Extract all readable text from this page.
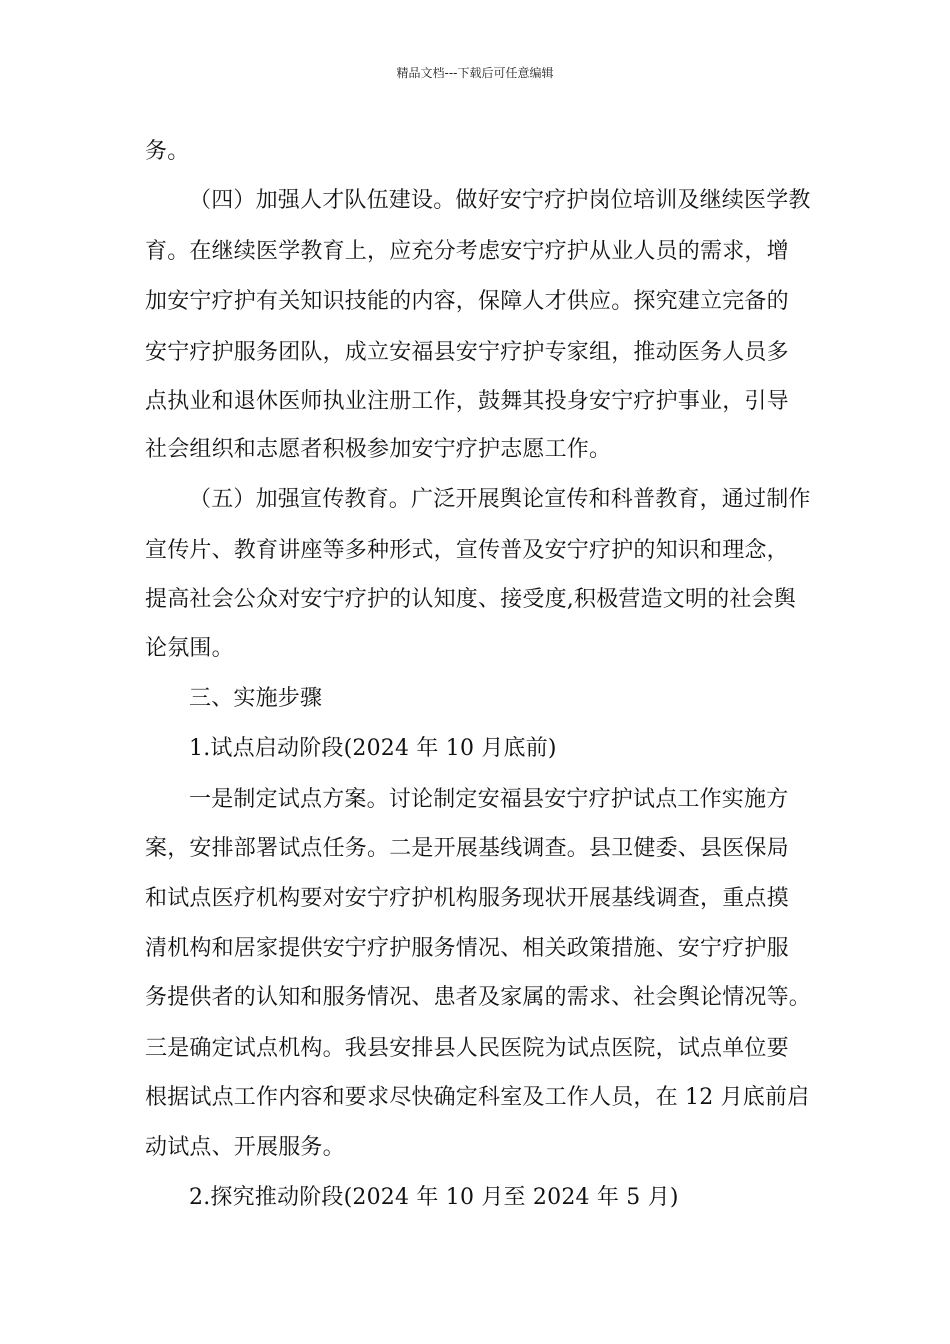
精品文档---下载后可任意编辑
务。
（四）加强人才队伍建设。做好安宁疗护岗位培训及继续医学教
育。在继续医学教育上，应充分考虑安宁疗护从业人员的需求，增
加安宁疗护有关知识技能的内容，保障人才供应。探究建立完备的
安宁疗护服务团队，成立安福县安宁疗护专家组，推动医务人员多
点执业和退休医师执业注册工作，鼓舞其投身安宁疗护事业，引导
社会组织和志愿者积极参加安宁疗护志愿工作。
（五）加强宣传教育。广泛开展舆论宣传和科普教育，通过制作
宣传片、教育讲座等多种形式，宣传普及安宁疗护的知识和理念，
提高社会公众对安宁疗护的认知度、接受度,积极营造文明的社会舆
论氛围。
三、实施步骤
1.试点启动阶段(2024 年 10 月底前)
一是制定试点方案。讨论制定安福县安宁疗护试点工作实施方
案，安排部署试点任务。二是开展基线调查。县卫健委、县医保局
和试点医疗机构要对安宁疗护机构服务现状开展基线调查，重点摸
清机构和居家提供安宁疗护服务情况、相关政策措施、安宁疗护服
务提供者的认知和服务情况、患者及家属的需求、社会舆论情况等。
三是确定试点机构。我县安排县人民医院为试点医院，试点单位要
根据试点工作内容和要求尽快确定科室及工作人员，在 12 月底前启
动试点、开展服务。
2.探究推动阶段(2024 年 10 月至 2024 年 5 月)
